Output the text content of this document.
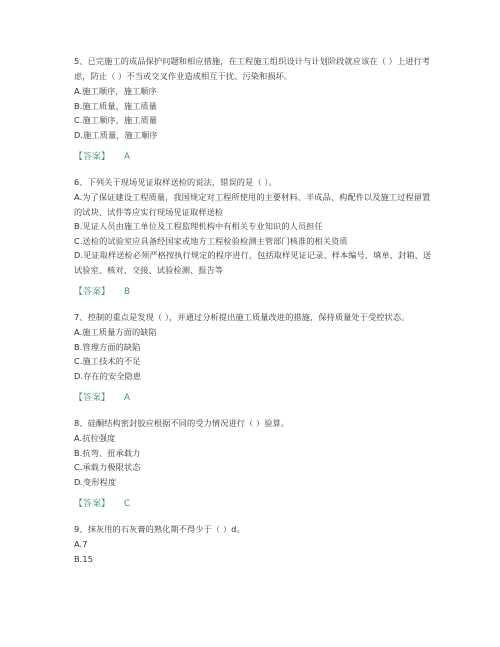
5、已完施工的成品保护问题和相应措施，在工程施工组织设计与计划阶段就应该在（ ）上进行考虑，防止（ ）不当或交叉作业造成相互干扰、污染和损坏。

A.施工顺序，施工顺序

B.施工质量，施工质量

C.施工顺序，施工质量

D.施工质量，施工顺序

【答案】 A

6、下列关于现场见证取样送检的说法，错误的是（ ）。

A.为了保证建设工程质量，我国规定对工程所使用的主要材料、半成品、构配件以及施工过程留置的试块、试件等应实行现场见证取样送检

B.见证人员由施工单位及工程监理机构中有相关专业知识的人员担任

C.送检的试验室应具备经国家或地方工程检验检测主管部门核准的相关资质

D.见证取样送检必须严格按执行规定的程序进行，包括取样见证记录、样本编号、填单、封箱、送试验室、核对、交接、试验检测、报告等

【答案】 B

7、控制的重点是发现（ ），并通过分析提出施工质量改进的措施，保持质量处于受控状态。

A.施工质量方面的缺陷

B.管理方面的缺陷

C.施工技术的不足

D.存在的安全隐患

【答案】 A

8、硅酮结构密封胶应根据不同的受力情况进行（ ）验算。

A.抗拉强度

B.抗弯、扭承载力

C.承载力极限状态

D.变形程度

【答案】 C

9、抹灰用的石灰膏的熟化期不得少于（ ）d。

A.7

B.15
